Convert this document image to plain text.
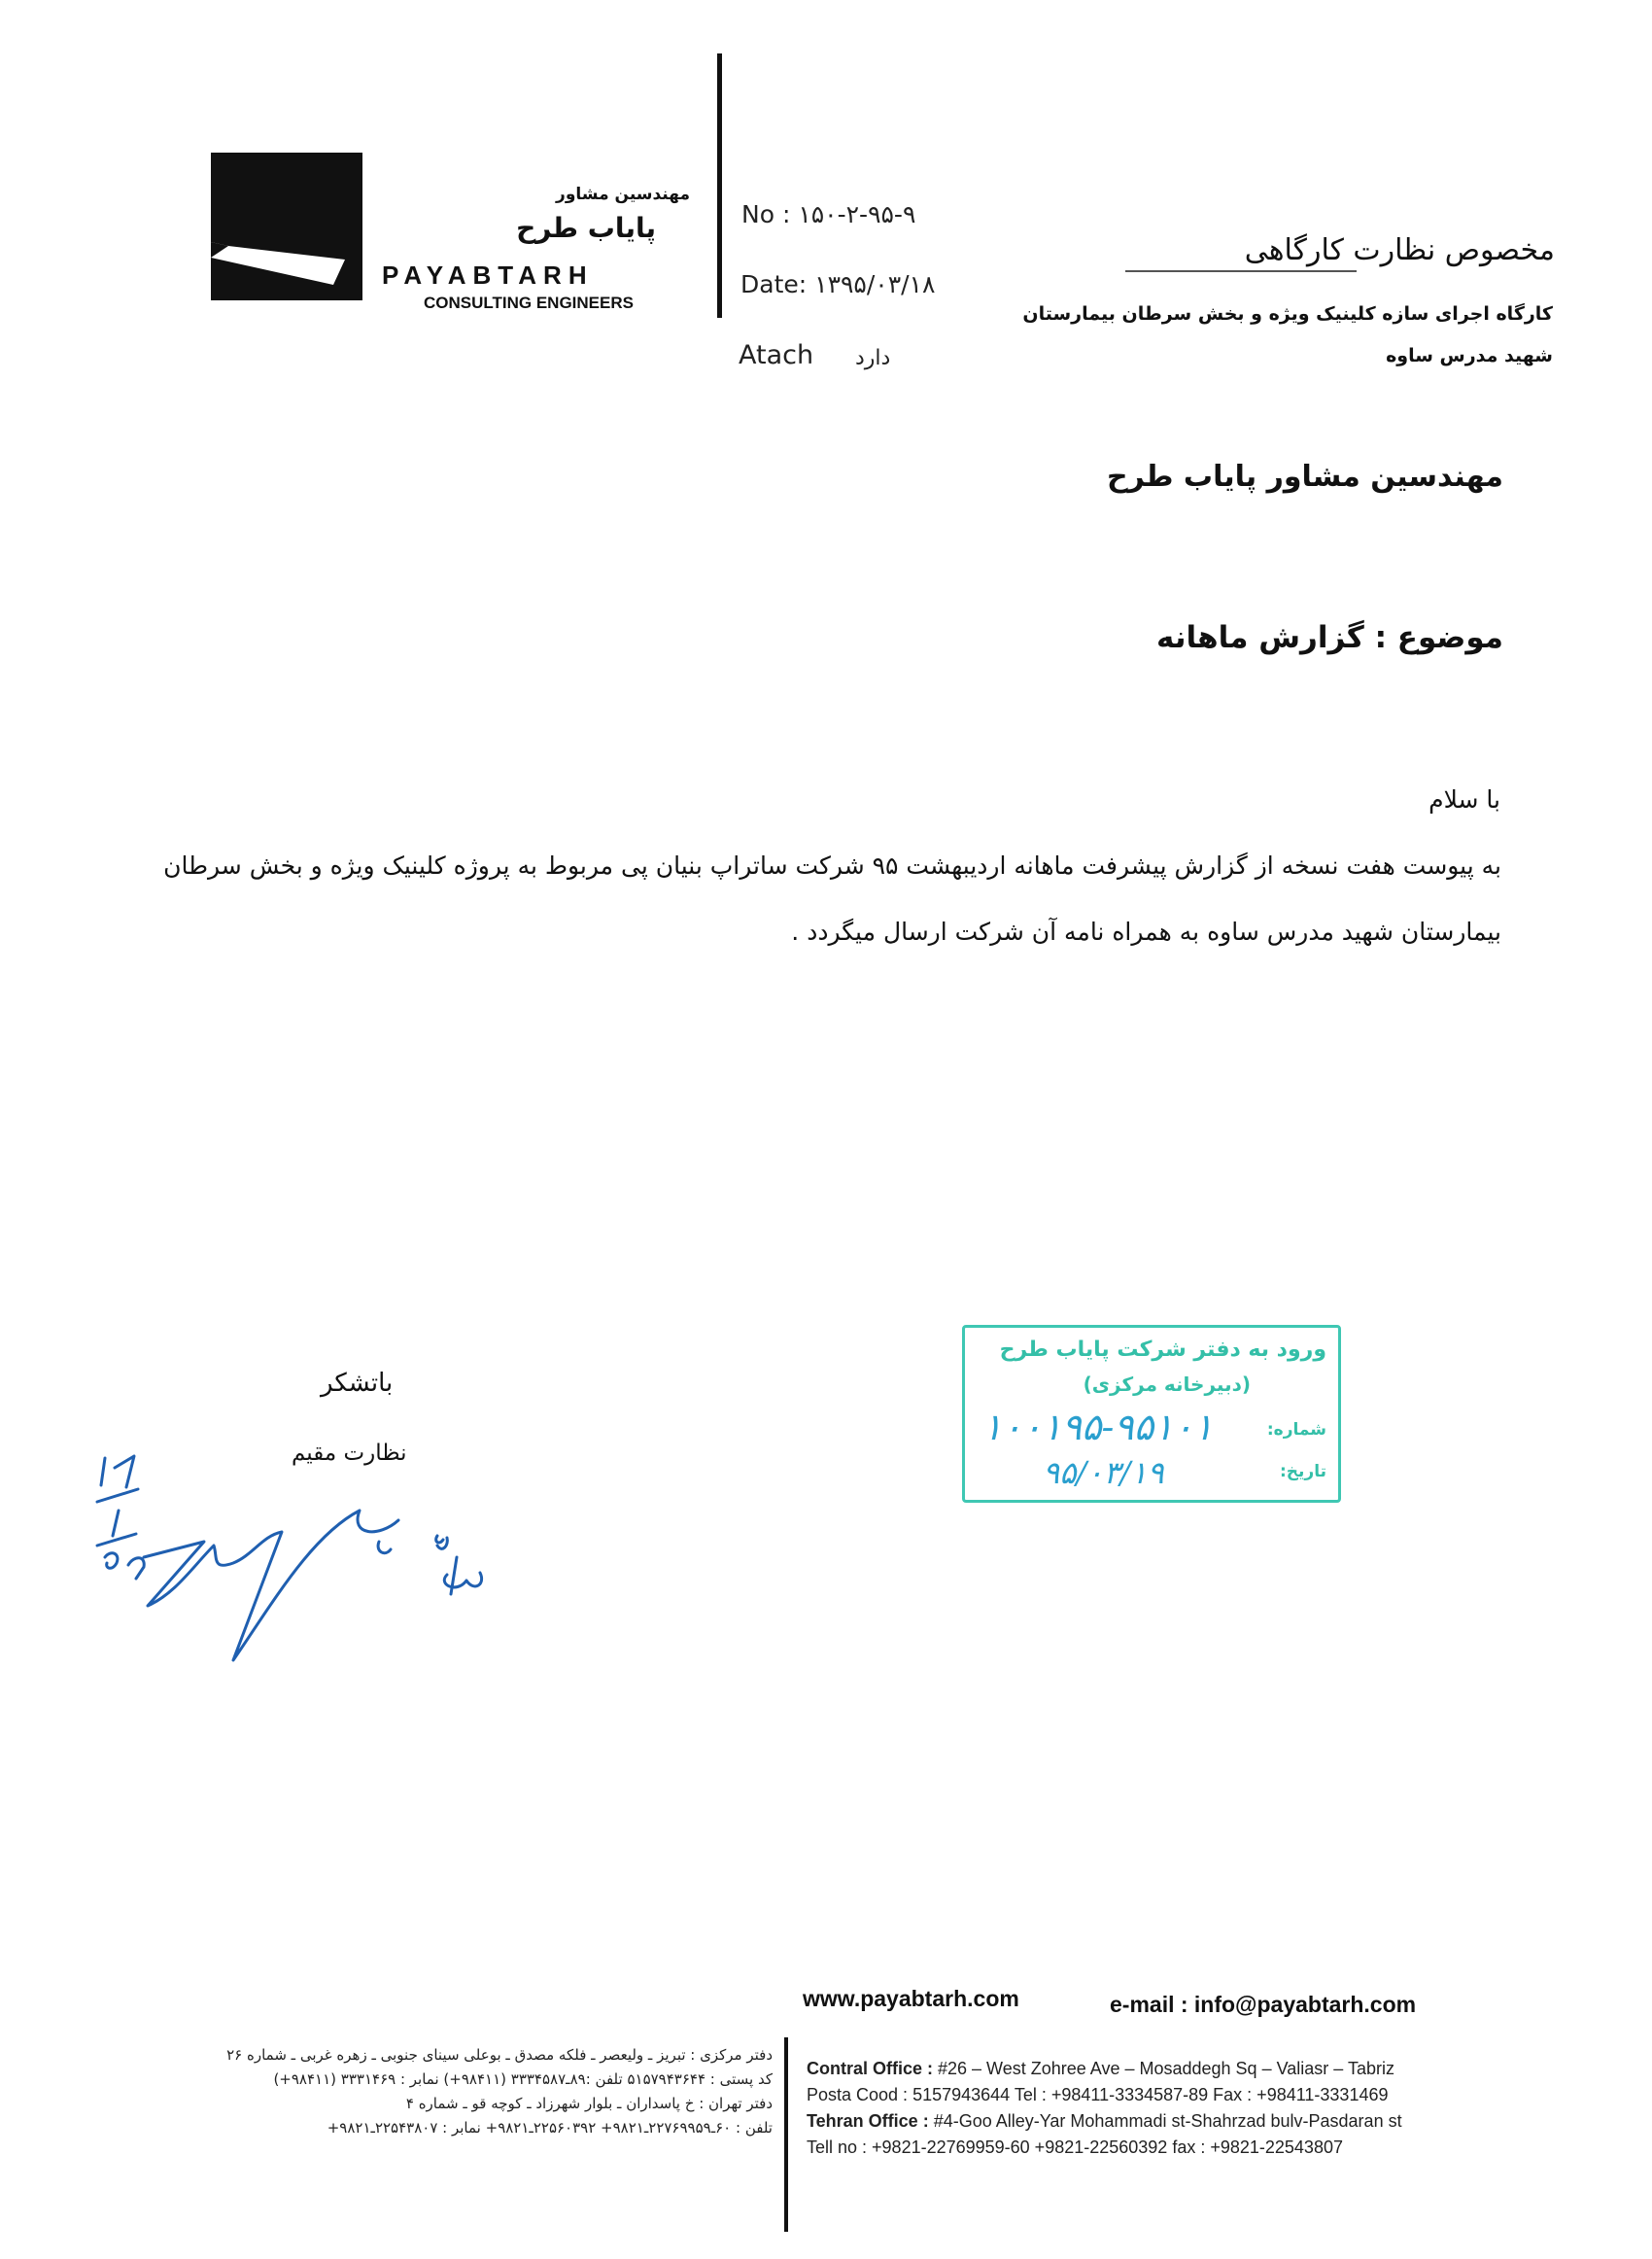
مهندسین مشاور
پایاب طرح
PAYABTARH
CONSULTING ENGINEERS
No : ۱۵۰-۲-۹۵-۹
Date: ۱۳۹۵/۰۳/۱۸
Atach دارد
مخصوص نظارت کارگاهی
کارگاه اجرای سازه کلینیک ویژه و بخش سرطان بیمارستان
شهید مدرس ساوه
مهندسین مشاور پایاب طرح
موضوع : گزارش ماهانه
با سلام
به پیوست هفت نسخه از گزارش پیشرفت ماهانه اردیبهشت ۹۵ شرکت ساتراپ بنیان پی مربوط به پروژه کلینیک ویژه و بخش سرطان بیمارستان شهید مدرس ساوه به همراه نامه آن شرکت ارسال میگردد .
ورود به دفتر شرکت پایاب طرح
(دبیرخانه مرکزی)
شماره:
تاریخ:
۱۰۰۱۹۵-۹۵۱۰۱
۹۵/۰۳/۱۹
باتشکر
نظارت مقیم
www.payabtarh.com	e-mail : info@payabtarh.com
Contral Office : #26 – West Zohree Ave – Mosaddegh Sq – Valiasr – Tabriz
Posta Cood : 5157943644 Tel : +98411-3334587-89 Fax : +98411-3331469
Tehran Office : #4-Goo Alley-Yar Mohammadi st-Shahrzad bulv-Pasdaran st
Tell no : +9821-22769959-60 +9821-22560392 fax : +9821-22543807
دفتر مرکزی : تبریز ـ ولیعصر ـ فلکه مصدق ـ بوعلی سینای جنوبی ـ زهره غربی ـ شماره ۲۶
کد پستی : ۵۱۵۷۹۴۳۶۴۴ تلفن :۸۹ـ۳۳۳۴۵۸۷ (۹۸۴۱۱+) نمابر : ۳۳۳۱۴۶۹ (۹۸۴۱۱+)
دفتر تهران : خ پاسداران ـ بلوار شهرزاد ـ کوچه قو ـ شماره ۴
تلفن : ۶۰ـ۲۲۷۶۹۹۵۹ـ۹۸۲۱+ ۲۲۵۶۰۳۹۲ـ۹۸۲۱+ نمابر : ۲۲۵۴۳۸۰۷ـ۹۸۲۱+
